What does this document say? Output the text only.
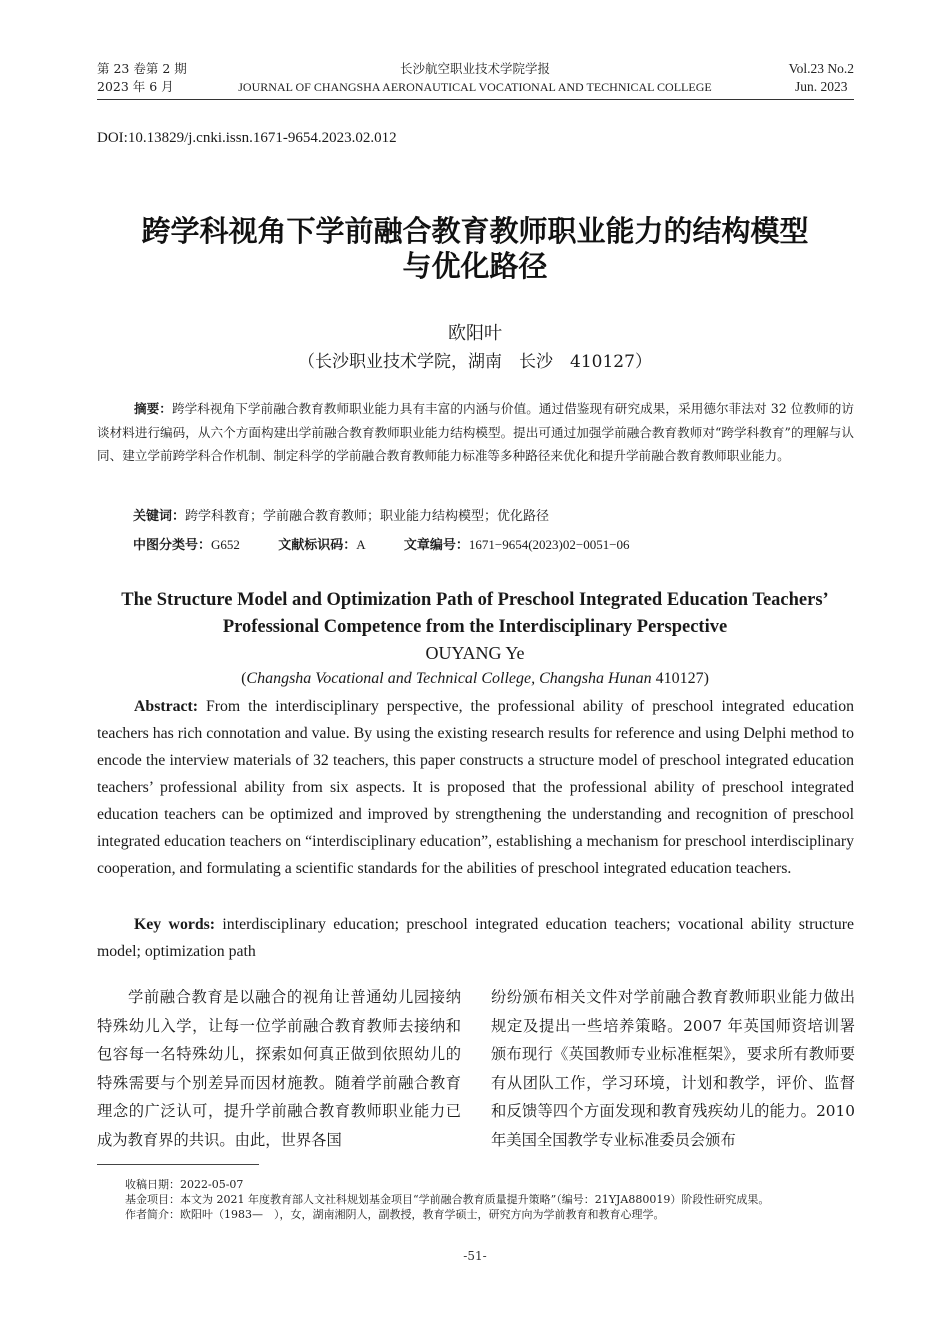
第 23 卷第 2 期
2023 年 6 月
长沙航空职业技术学院学报
JOURNAL OF CHANGSHA AERONAUTICAL VOCATIONAL AND TECHNICAL COLLEGE
Vol.23 No.2
Jun. 2023
DOI:10.13829/j.cnki.issn.1671-9654.2023.02.012
跨学科视角下学前融合教育教师职业能力的结构模型
与优化路径
欧阳叶
（长沙职业技术学院，湖南　长沙　410127）
摘要：跨学科视角下学前融合教育教师职业能力具有丰富的内涵与价值。通过借鉴现有研究成果，采用德尔菲法对 32 位教师的访谈材料进行编码，从六个方面构建出学前融合教育教师职业能力结构模型。提出可通过加强学前融合教育教师对“跨学科教育”的理解与认同、建立学前跨学科合作机制、制定科学的学前融合教育教师能力标准等多种路径来优化和提升学前融合教育教师职业能力。
关键词：跨学科教育；学前融合教育教师；职业能力结构模型；优化路径
中图分类号：G652	文献标识码：A	文章编号：1671−9654(2023)02−0051−06
The Structure Model and Optimization Path of Preschool Integrated Education Teachers’
Professional Competence from the Interdisciplinary Perspective
OUYANG Ye
(Changsha Vocational and Technical College, Changsha Hunan 410127)
Abstract: From the interdisciplinary perspective, the professional ability of preschool integrated education teachers has rich connotation and value. By using the existing research results for reference and using Delphi method to encode the interview materials of 32 teachers, this paper constructs a structure model of preschool integrated education teachers’ professional ability from six aspects. It is proposed that the professional ability of preschool integrated education teachers can be optimized and improved by strengthening the understanding and recognition of preschool integrated education teachers on “interdisciplinary education”, establishing a mechanism for preschool interdisciplinary cooperation, and formulating a scientific standards for the abilities of preschool integrated education teachers.
Key words: interdisciplinary education; preschool integrated education teachers; vocational ability structure model; optimization path
学前融合教育是以融合的视角让普通幼儿园接纳特殊幼儿入学，让每一位学前融合教育教师去接纳和包容每一名特殊幼儿，探索如何真正做到依照幼儿的特殊需要与个别差异而因材施教。随着学前融合教育理念的广泛认可，提升学前融合教育教师职业能力已成为教育界的共识。由此，世界各国
纷纷颁布相关文件对学前融合教育教师职业能力做出规定及提出一些培养策略。2007 年英国师资培训署颁布现行《英国教师专业标准框架》，要求所有教师要有从团队工作，学习环境，计划和教学，评价、监督和反馈等四个方面发现和教育残疾幼儿的能力。2010 年美国全国教学专业标准委员会颁布
收稿日期：2022-05-07
基金项目：本文为 2021 年度教育部人文社科规划基金项目“学前融合教育质量提升策略”（编号：21YJA880019）阶段性研究成果。
作者简介：欧阳叶（1983—　），女，湖南湘阴人，副教授，教育学硕士，研究方向为学前教育和教育心理学。
-51-
